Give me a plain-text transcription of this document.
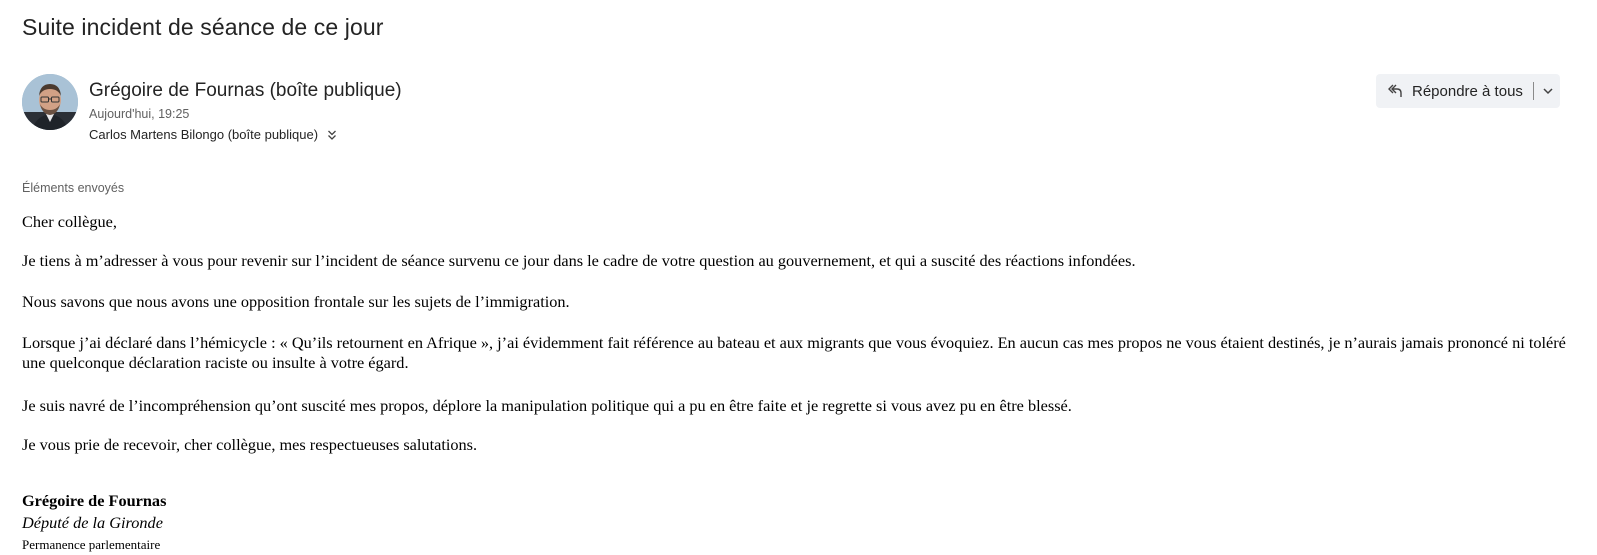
Suite incident de séance de ce jour
Grégoire de Fournas (boîte publique)
Aujourd'hui, 19:25
Carlos Martens Bilongo (boîte publique)
Répondre à tous
Éléments envoyés

Cher collègue,

Je tiens à m’adresser à vous pour revenir sur l’incident de séance survenu ce jour dans le cadre de votre question au gouvernement, et qui a suscité des réactions infondées.

Nous savons que nous avons une opposition frontale sur les sujets de l’immigration.

Lorsque j’ai déclaré dans l’hémicycle : « Qu’ils retournent en Afrique », j’ai évidemment fait référence au bateau et aux migrants que vous évoquiez. En aucun cas mes propos ne vous étaient destinés, je n’aurais jamais prononcé ni toléré une quelconque déclaration raciste ou insulte à votre égard.

Je suis navré de l’incompréhension qu’ont suscité mes propos, déplore la manipulation politique qui a pu en être faite et je regrette si vous avez pu en être blessé.

Je vous prie de recevoir, cher collègue, mes respectueuses salutations.

Grégoire de Fournas

Député de la Gironde

Permanence parlementaire
